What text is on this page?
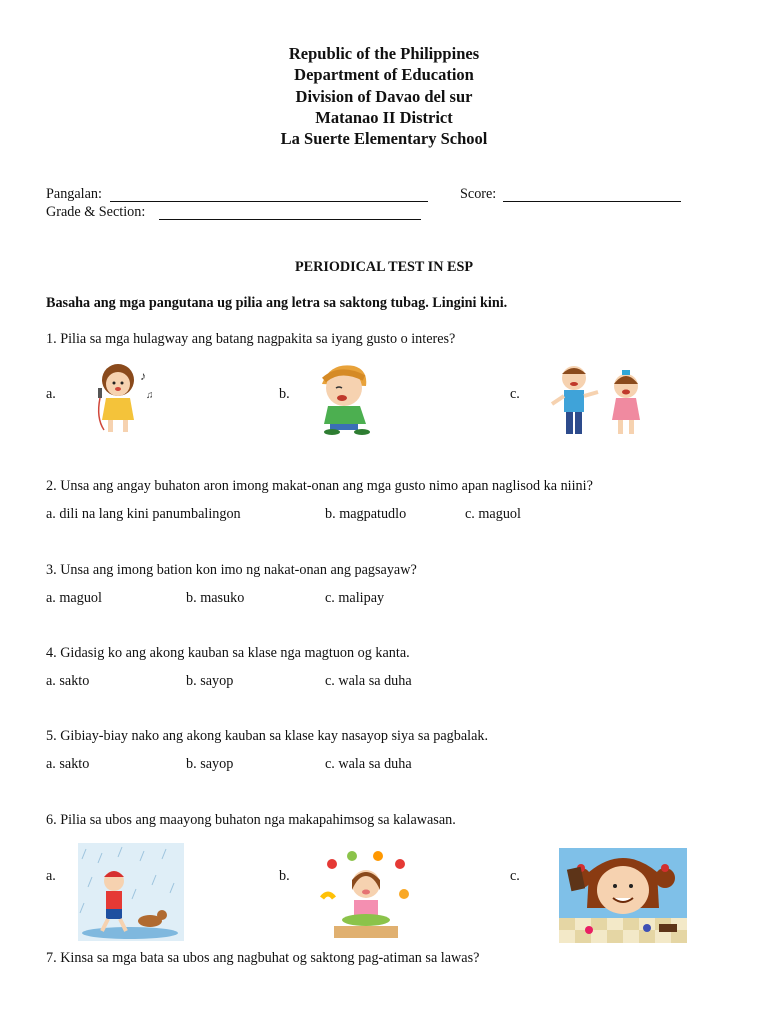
Republic of the Philippines
Department of Education
Division of Davao del sur
Matanao II District
La Suerte Elementary School
Pangalan:	Score:
Grade & Section:
PERIODICAL TEST IN ESP
Basaha ang mga pangutana ug pilia ang letra sa saktong tubag. Lingini kini.
1. Pilia sa mga hulagway ang batang nagpakita sa iyang gusto o interes?
a.	b.	c.
♪
♫
2. Unsa ang angay buhaton aron imong makat-onan ang mga gusto nimo apan naglisod ka niini?
a. dili na lang kini panumbalingon	b. magpatudlo	c. maguol
3. Unsa ang imong bation kon imo ng nakat-onan ang pagsayaw?
a. maguol	b. masuko	c. malipay
4. Gidasig ko ang akong kauban sa klase nga magtuon og kanta.
a. sakto	b. sayop	c. wala sa duha
5. Gibiay-biay nako ang akong kauban sa klase kay nasayop siya sa pagbalak.
a. sakto	b. sayop	c. wala sa duha
6. Pilia sa ubos ang maayong buhaton nga makapahimsog sa kalawasan.
a.	b.	c.
7. Kinsa sa mga bata sa ubos ang nagbuhat og saktong pag-atiman sa lawas?
